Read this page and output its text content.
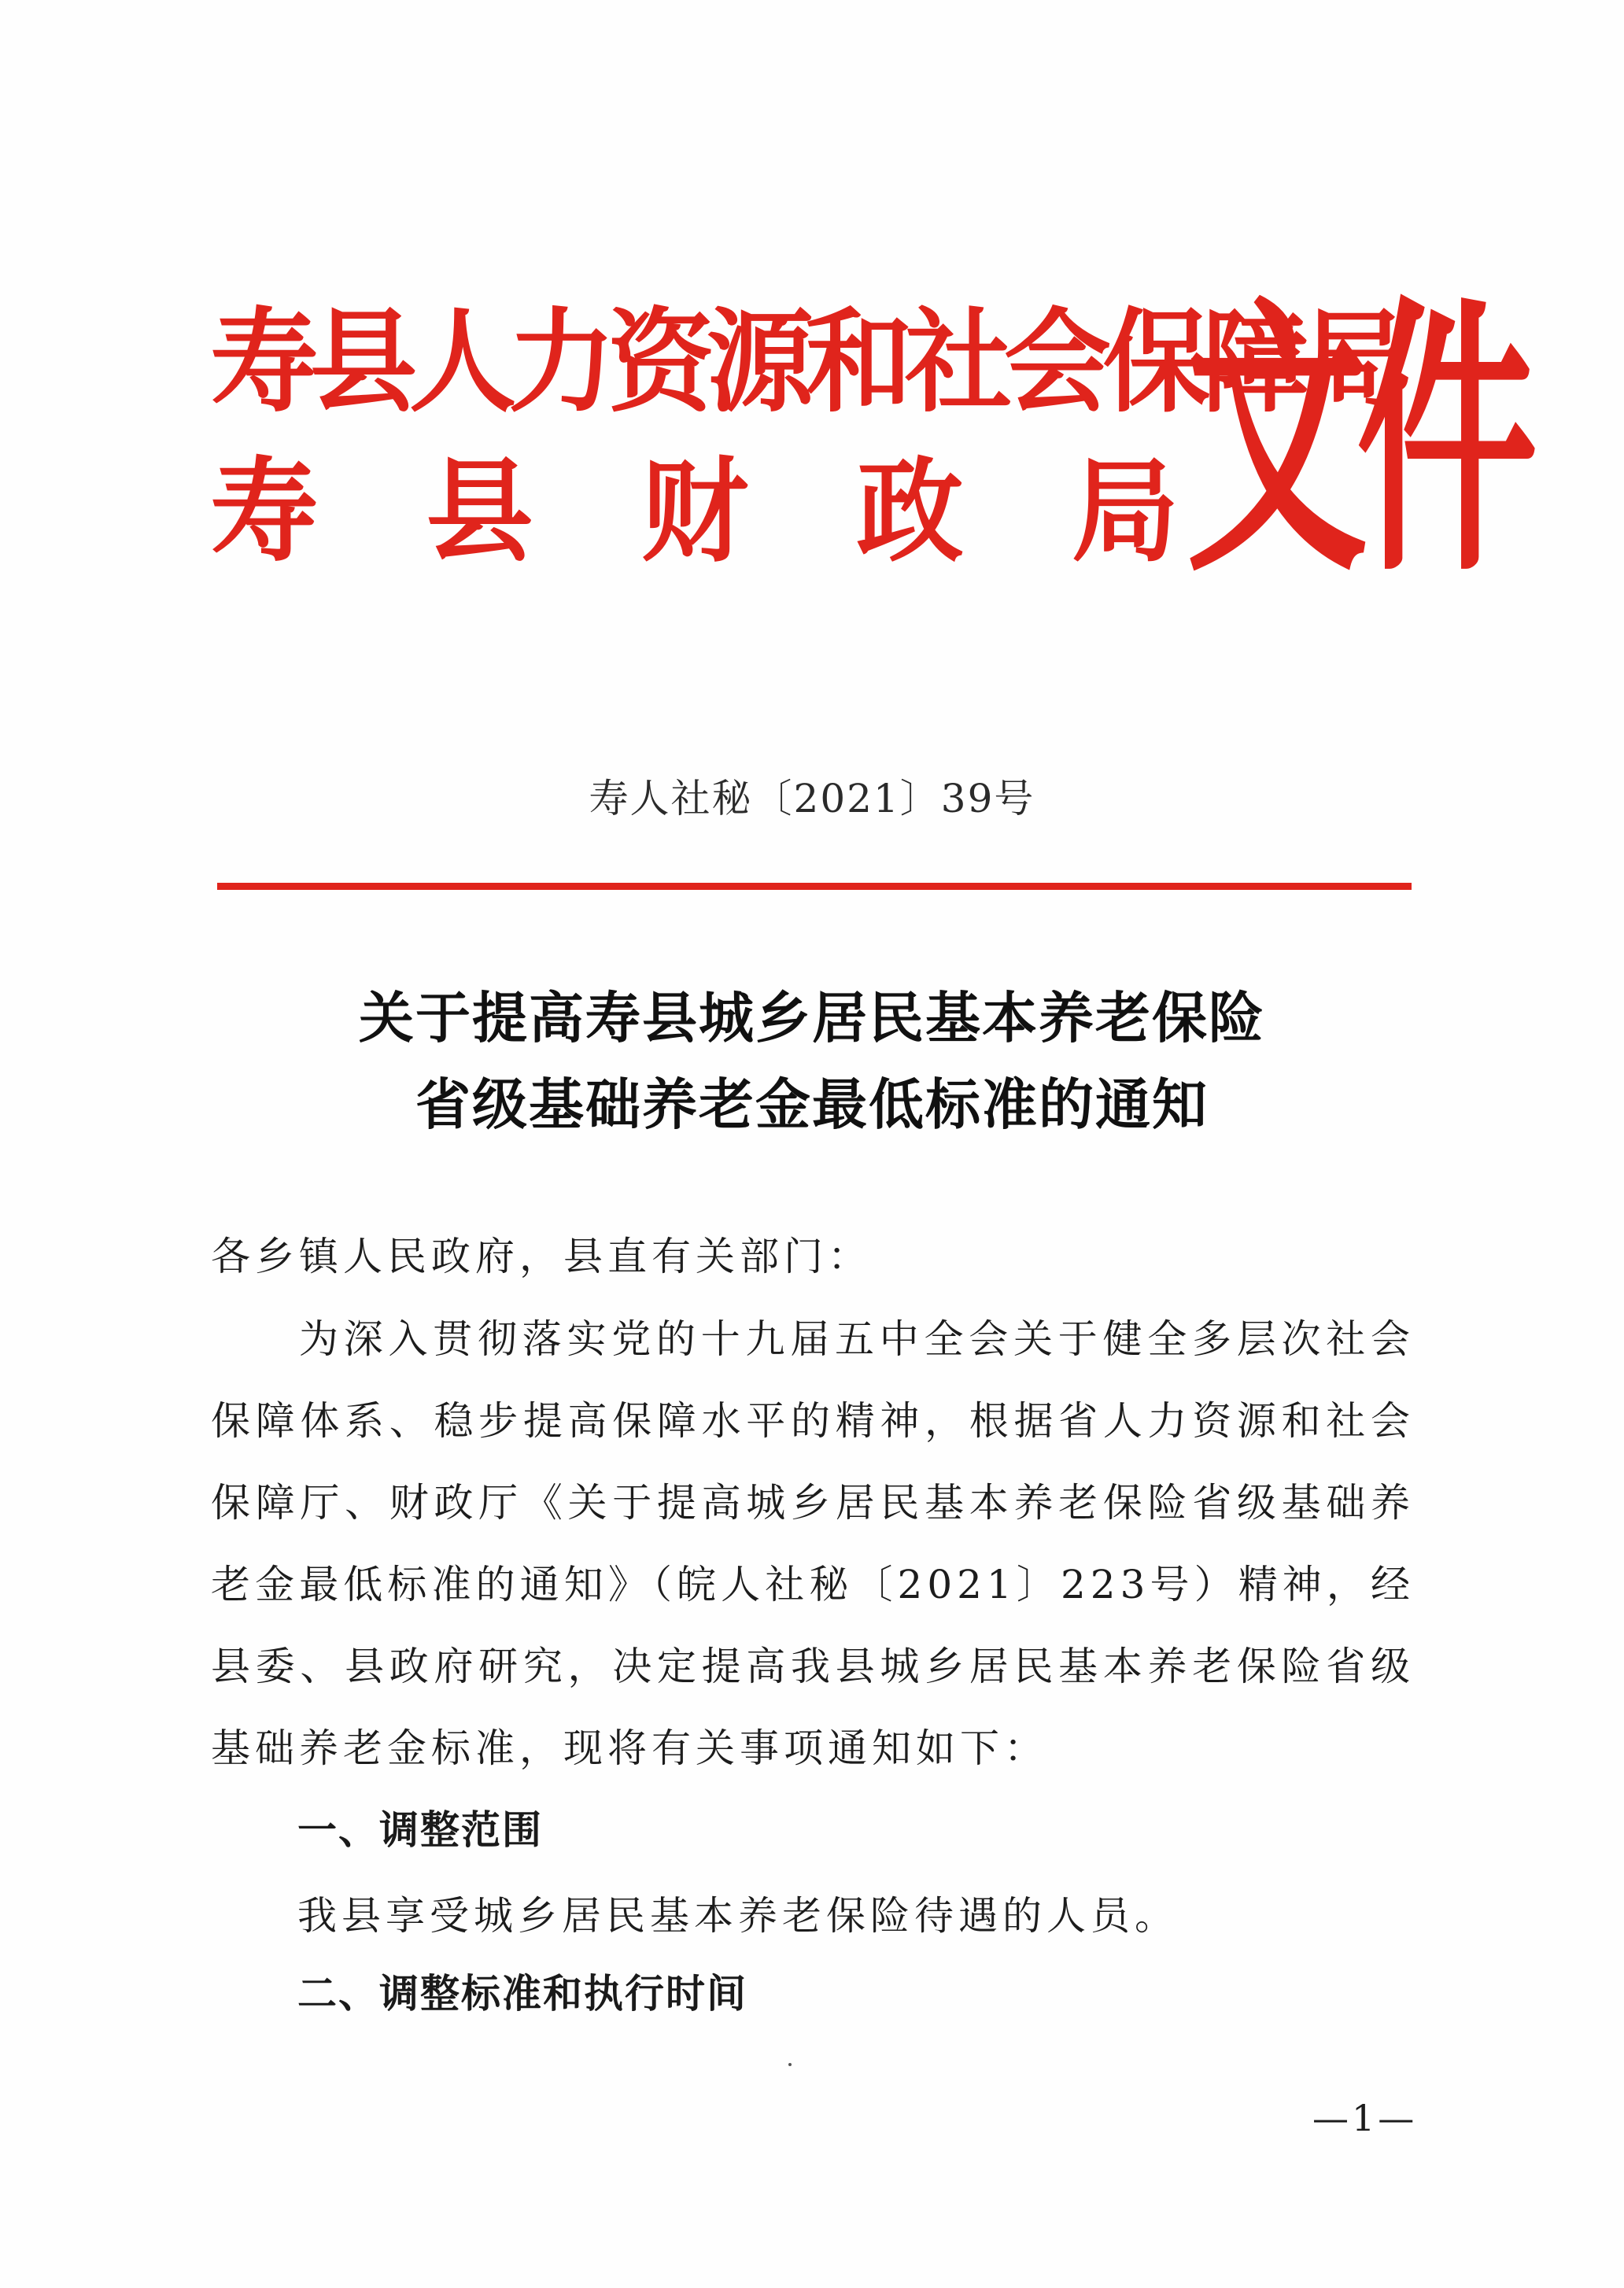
寿县人力资源和社会保障局
寿 县 财 政 局 文件
寿人社秘〔2021〕39号
关于提高寿县城乡居民基本养老保险
省级基础养老金最低标准的通知
各乡镇人民政府，县直有关部门：
为深入贯彻落实党的十九届五中全会关于健全多层次社会保障体系、稳步提高保障水平的精神，根据省人力资源和社会保障厅、财政厅《关于提高城乡居民基本养老保险省级基础养老金最低标准的通知》（皖人社秘〔2021〕223号）精神，经县委、县政府研究，决定提高我县城乡居民基本养老保险省级基础养老金标准，现将有关事项通知如下：
一、调整范围
我县享受城乡居民基本养老保险待遇的人员。
二、调整标准和执行时间
—1—
